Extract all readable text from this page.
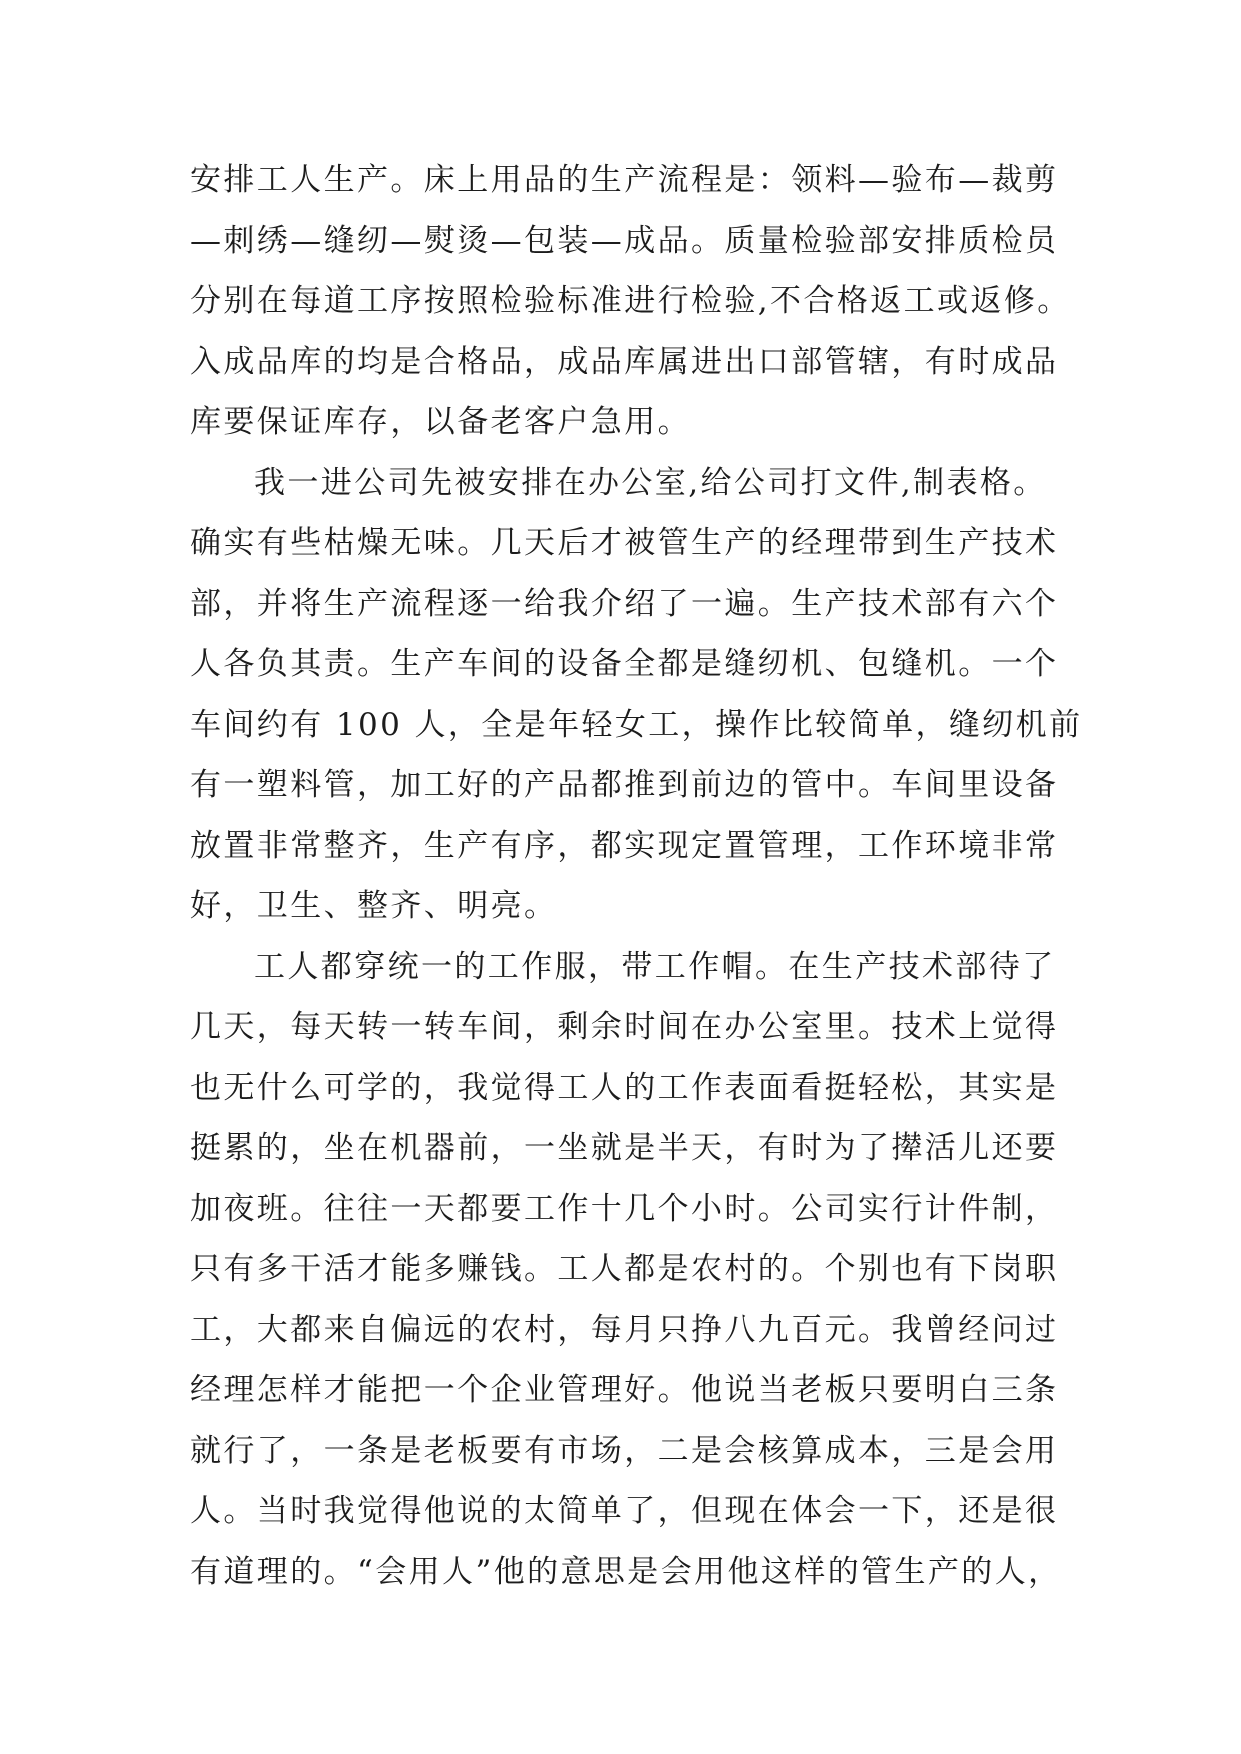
安排工人生产。床上用品的生产流程是：领料—验布—裁剪
—刺绣—缝纫—熨烫—包装—成品。质量检验部安排质检员
分别在每道工序按照检验标准进行检验,不合格返工或返修。
入成品库的均是合格品，成品库属进出口部管辖，有时成品
库要保证库存，以备老客户急用。
我一进公司先被安排在办公室,给公司打文件,制表格。
确实有些枯燥无味。几天后才被管生产的经理带到生产技术
部，并将生产流程逐一给我介绍了一遍。生产技术部有六个
人各负其责。生产车间的设备全都是缝纫机、包缝机。一个
车间约有 100 人，全是年轻女工，操作比较简单，缝纫机前
有一塑料管，加工好的产品都推到前边的管中。车间里设备
放置非常整齐，生产有序，都实现定置管理，工作环境非常
好，卫生、整齐、明亮。
工人都穿统一的工作服，带工作帽。在生产技术部待了
几天，每天转一转车间，剩余时间在办公室里。技术上觉得
也无什么可学的，我觉得工人的工作表面看挺轻松，其实是
挺累的，坐在机器前，一坐就是半天，有时为了撵活儿还要
加夜班。往往一天都要工作十几个小时。公司实行计件制，
只有多干活才能多赚钱。工人都是农村的。个别也有下岗职
工，大都来自偏远的农村，每月只挣八九百元。我曾经问过
经理怎样才能把一个企业管理好。他说当老板只要明白三条
就行了，一条是老板要有市场，二是会核算成本，三是会用
人。当时我觉得他说的太简单了，但现在体会一下，还是很
有道理的。“会用人”他的意思是会用他这样的管生产的人，
